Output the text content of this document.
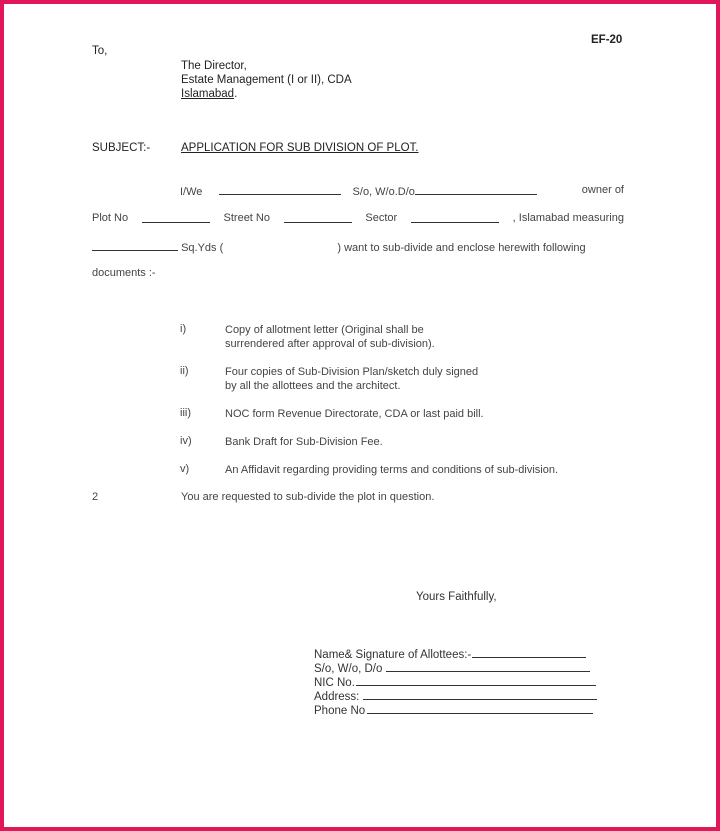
EF-20
To,
The Director,
Estate Management (I or II), CDA
Islamabad.
SUBJECT:-	APPLICATION FOR SUB DIVISION OF PLOT.
I/We	S/o, W/o.D/o	owner of
Plot No	Street No	Sector	, Islamabad measuring
Sq.Yds (	) want to sub-divide and enclose herewith following
documents :-
i)	Copy of allotment letter (Original shall be
surrendered after approval of sub-division).
ii)	Four copies of Sub-Division Plan/sketch duly signed
by all the allottees and the architect.
iii)	NOC form Revenue Directorate, CDA or last paid bill.
iv)	Bank Draft for Sub-Division Fee.
v)	An Affidavit regarding providing terms and conditions of sub-division.
2	You are requested to sub-divide the plot in question.
Yours Faithfully,
Name& Signature of Allottees:-
S/o, W/o, D/o
NIC No.
Address:
Phone No
